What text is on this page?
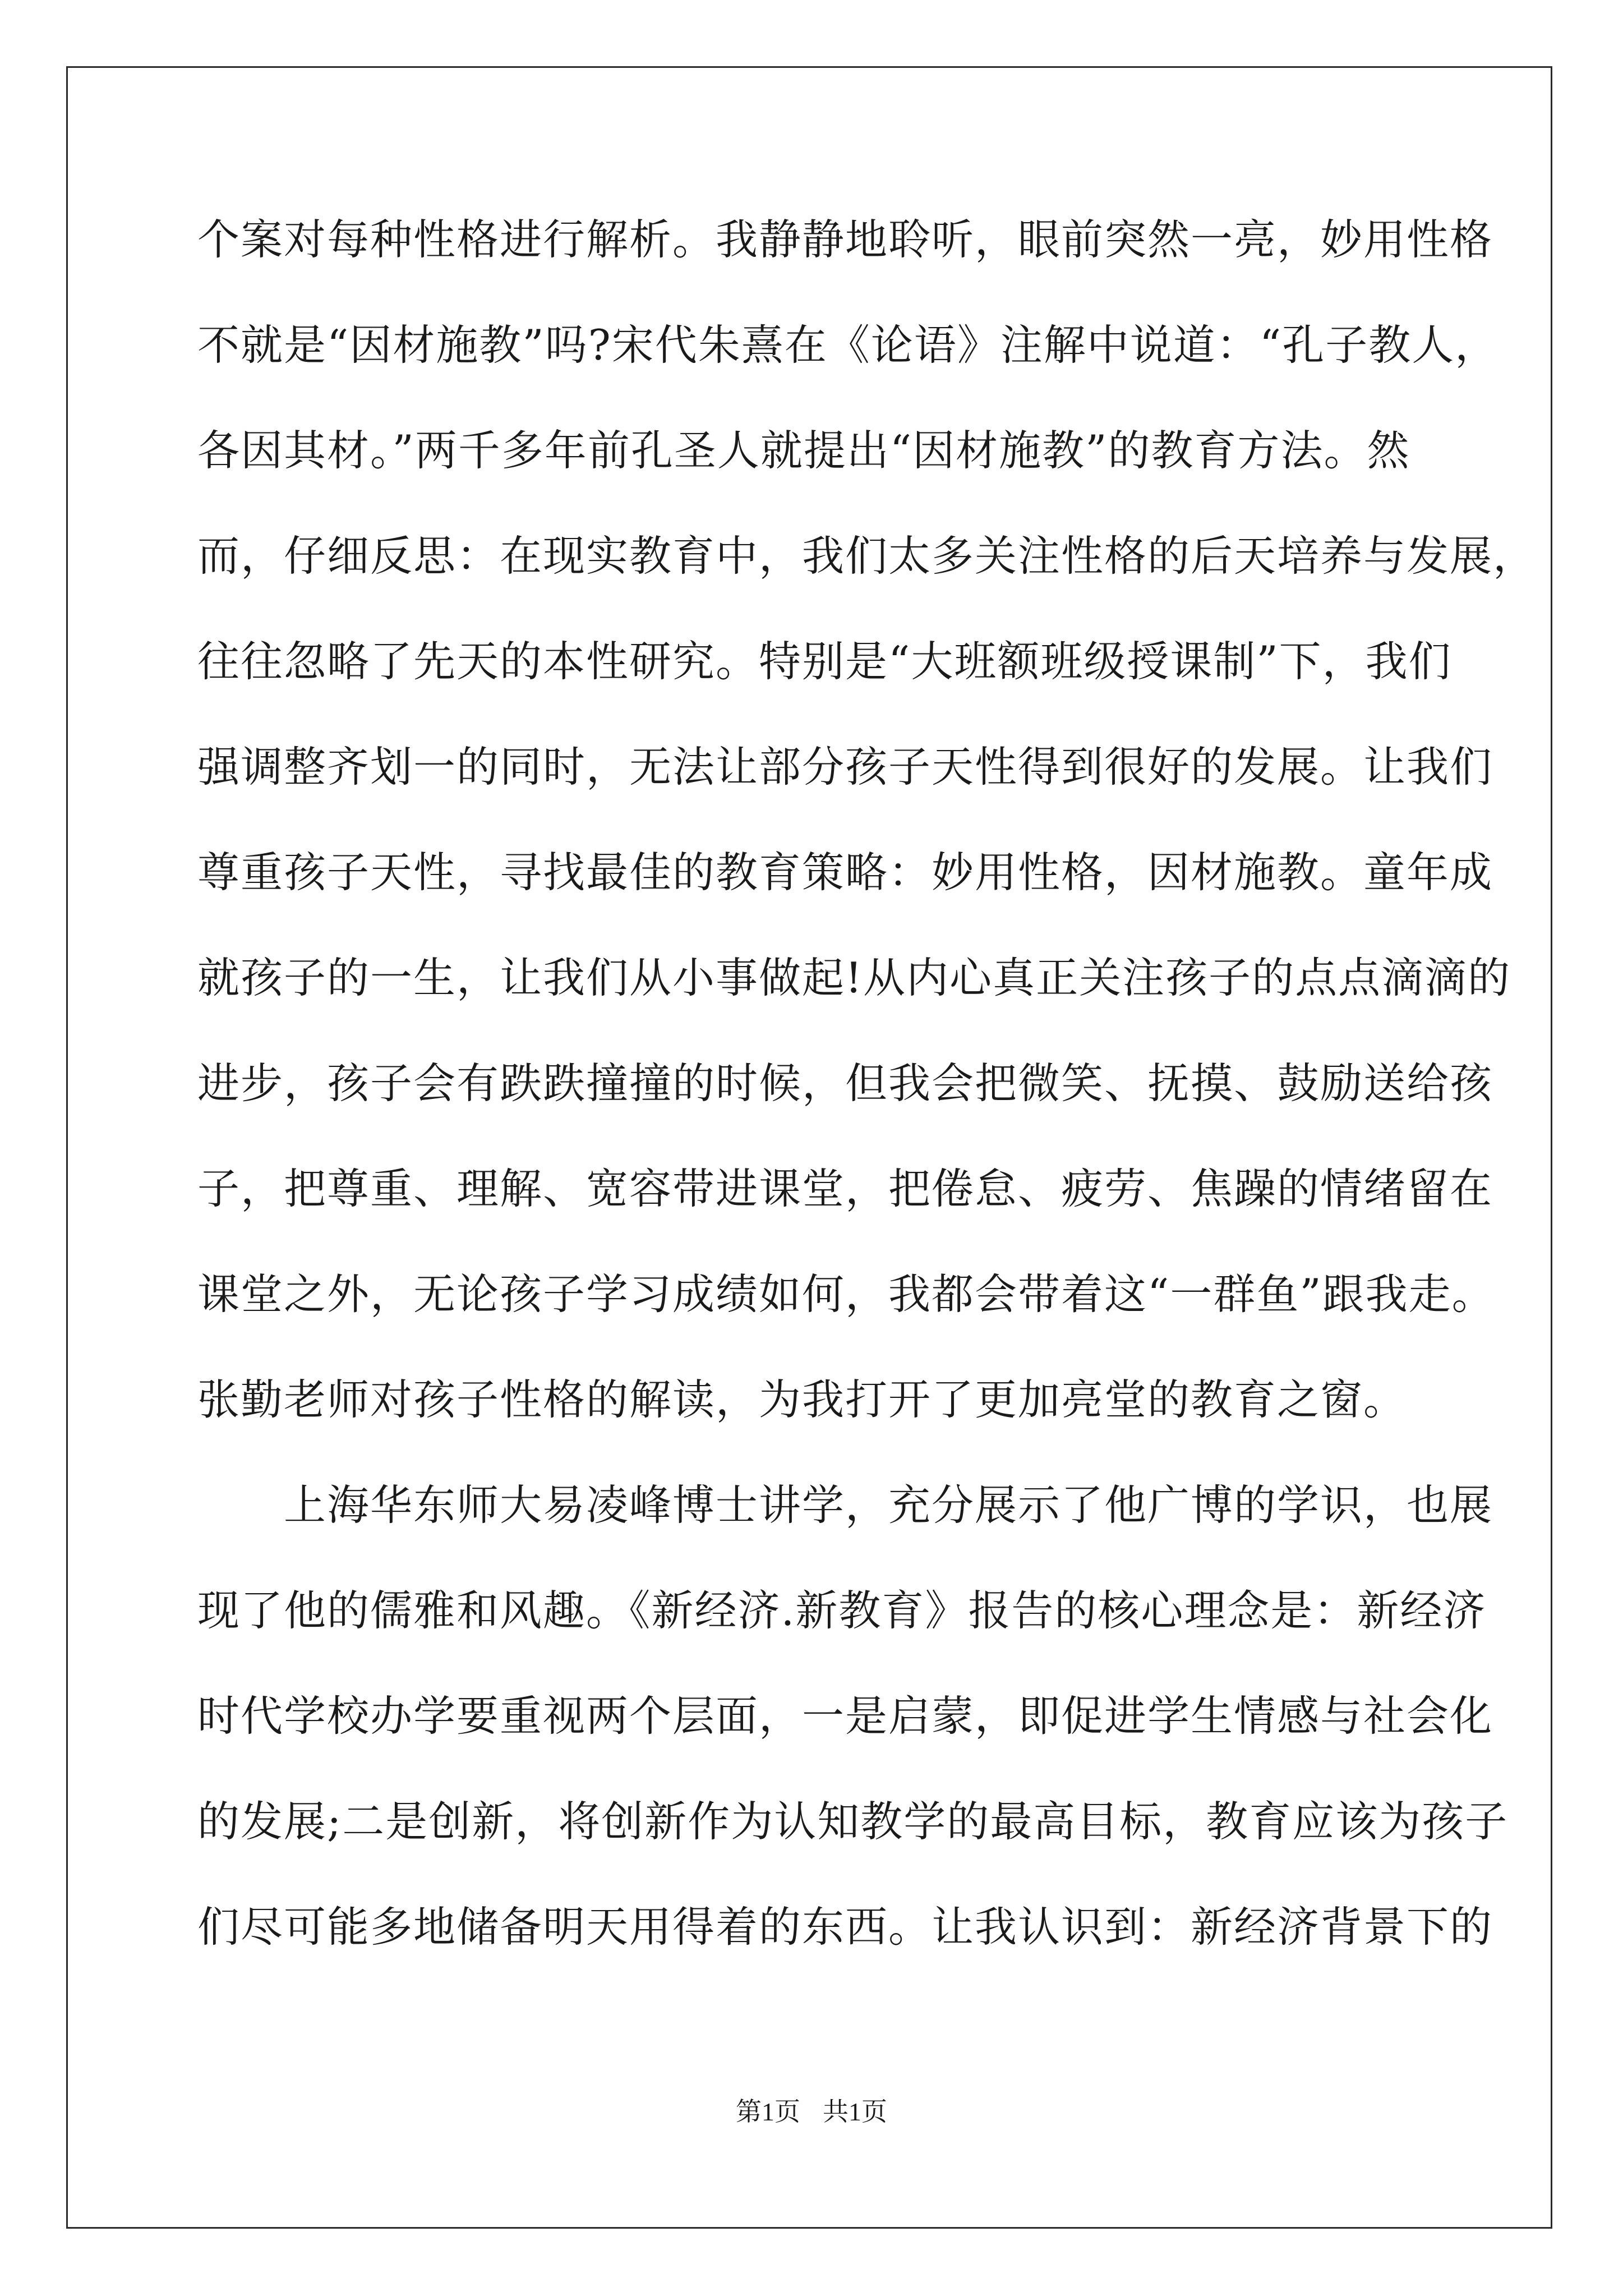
个案对每种性格进行解析。我静静地聆听，眼前突然一亮，妙用性格
不就是“因材施教”吗?宋代朱熹在《论语》注解中说道：“孔子教人，
各因其材。”两千多年前孔圣人就提出“因材施教”的教育方法。然
而，仔细反思：在现实教育中，我们太多关注性格的后天培养与发展，
往往忽略了先天的本性研究。特别是“大班额班级授课制”下，我们
强调整齐划一的同时，无法让部分孩子天性得到很好的发展。让我们
尊重孩子天性，寻找最佳的教育策略：妙用性格，因材施教。童年成
就孩子的一生，让我们从小事做起!从内心真正关注孩子的点点滴滴的
进步，孩子会有跌跌撞撞的时候，但我会把微笑、抚摸、鼓励送给孩
子，把尊重、理解、宽容带进课堂，把倦怠、疲劳、焦躁的情绪留在
课堂之外，无论孩子学习成绩如何，我都会带着这“一群鱼”跟我走。
张勤老师对孩子性格的解读，为我打开了更加亮堂的教育之窗。
　　上海华东师大易凌峰博士讲学，充分展示了他广博的学识，也展
现了他的儒雅和风趣。《新经济.新教育》报告的核心理念是：新经济
时代学校办学要重视两个层面，一是启蒙，即促进学生情感与社会化
的发展;二是创新，将创新作为认知教学的最高目标，教育应该为孩子
们尽可能多地储备明天用得着的东西。让我认识到：新经济背景下的
第1页 共1页
